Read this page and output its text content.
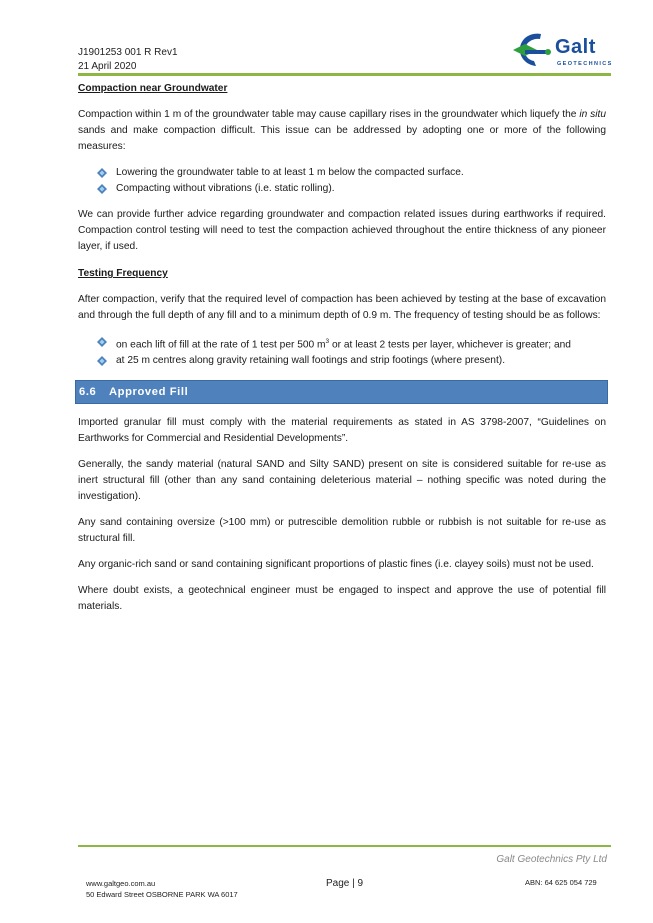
J1901253 001 R Rev1
21 April 2020
Galt
GEOTECHNICS
Compaction near Groundwater

Compaction within 1 m of the groundwater table may cause capillary rises in the groundwater which liquefy the in situ sands and make compaction difficult. This issue can be addressed by adopting one or more of the following measures:

Lowering the groundwater table to at least 1 m below the compacted surface.
Compacting without vibrations (i.e. static rolling).

We can provide further advice regarding groundwater and compaction related issues during earthworks if required. Compaction control testing will need to test the compaction achieved throughout the entire thickness of any pioneer layer, if used.

Testing Frequency

After compaction, verify that the required level of compaction has been achieved by testing at the base of excavation and through the full depth of any fill and to a minimum depth of 0.9 m. The frequency of testing should be as follows:

on each lift of fill at the rate of 1 test per 500 $m^3$ or at least 2 tests per layer, whichever is greater; and
at 25 m centres along gravity retaining wall footings and strip footings (where present).
6.6 Approved Fill

Imported granular fill must comply with the material requirements as stated in AS 3798-2007, “Guidelines on Earthworks for Commercial and Residential Developments”.

Generally, the sandy material (natural SAND and Silty SAND) present on site is considered suitable for re-use as inert structural fill (other than any sand containing deleterious material – nothing specific was noted during the investigation).

Any sand containing oversize (>100 mm) or putrescible demolition rubble or rubbish is not suitable for re-use as structural fill.

Any organic-rich sand or sand containing significant proportions of plastic fines (i.e. clayey soils) must not be used.

Where doubt exists, a geotechnical engineer must be engaged to inspect and approve the use of potential fill materials.

Galt Geotechnics Pty Ltd
www.galtgeo.com.au
50 Edward Street OSBORNE PARK WA 6017
Page | 9	ABN: 64 625 054 729
